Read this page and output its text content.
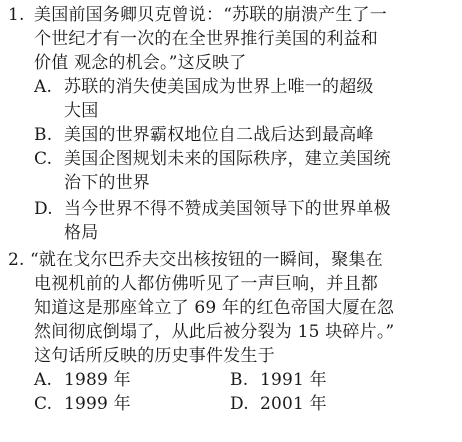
1. 美国前国务卿贝克曾说：“苏联的崩溃产生了一
个世纪才有一次的在全世界推行美国的利益和
价值 观念的机会。”这反映了
A. 苏联的消失使美国成为世界上唯一的超级
大国
B. 美国的世界霸权地位自二战后达到最高峰
C. 美国企图规划未来的国际秩序，建立美国统
治下的世界
D. 当今世界不得不赞成美国领导下的世界单极
格局
2. “就在戈尔巴乔夫交出核按钮的一瞬间，聚集在
电视机前的人都仿佛听见了一声巨响，并且都
知道这是那座耸立了 69 年的红色帝国大厦在忽
然间彻底倒塌了，从此后被分裂为 15 块碎片。”
这句话所反映的历史事件发生于
A. 1989 年	B. 1991 年
C. 1999 年	D. 2001 年
